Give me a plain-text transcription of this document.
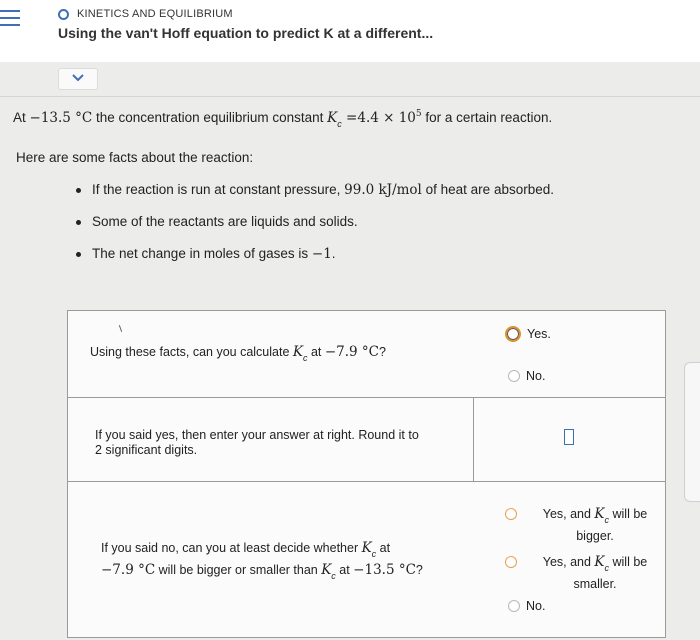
KINETICS AND EQUILIBRIUM
Using the van't Hoff equation to predict K at a different...
At −13.5 °C the concentration equilibrium constant $K_c =4.4 \times 10^5$ for a certain reaction.
Here are some facts about the reaction:
If the reaction is run at constant pressure, 99.0 kJ/mol of heat are absorbed.
Some of the reactants are liquids and solids.
The net change in moles of gases is −1.
Using these facts, can you calculate $K_c$ at −7.9 °C?
Yes.
No.
If you said yes, then enter your answer at right. Round it to
2 significant digits.
If you said no, can you at least decide whether $K_c$ at
−7.9 °C will be bigger or smaller than $K_c$ at −13.5 °C?
Yes, and $K_c$ will be
bigger.
Yes, and $K_c$ will be
smaller.
No.
